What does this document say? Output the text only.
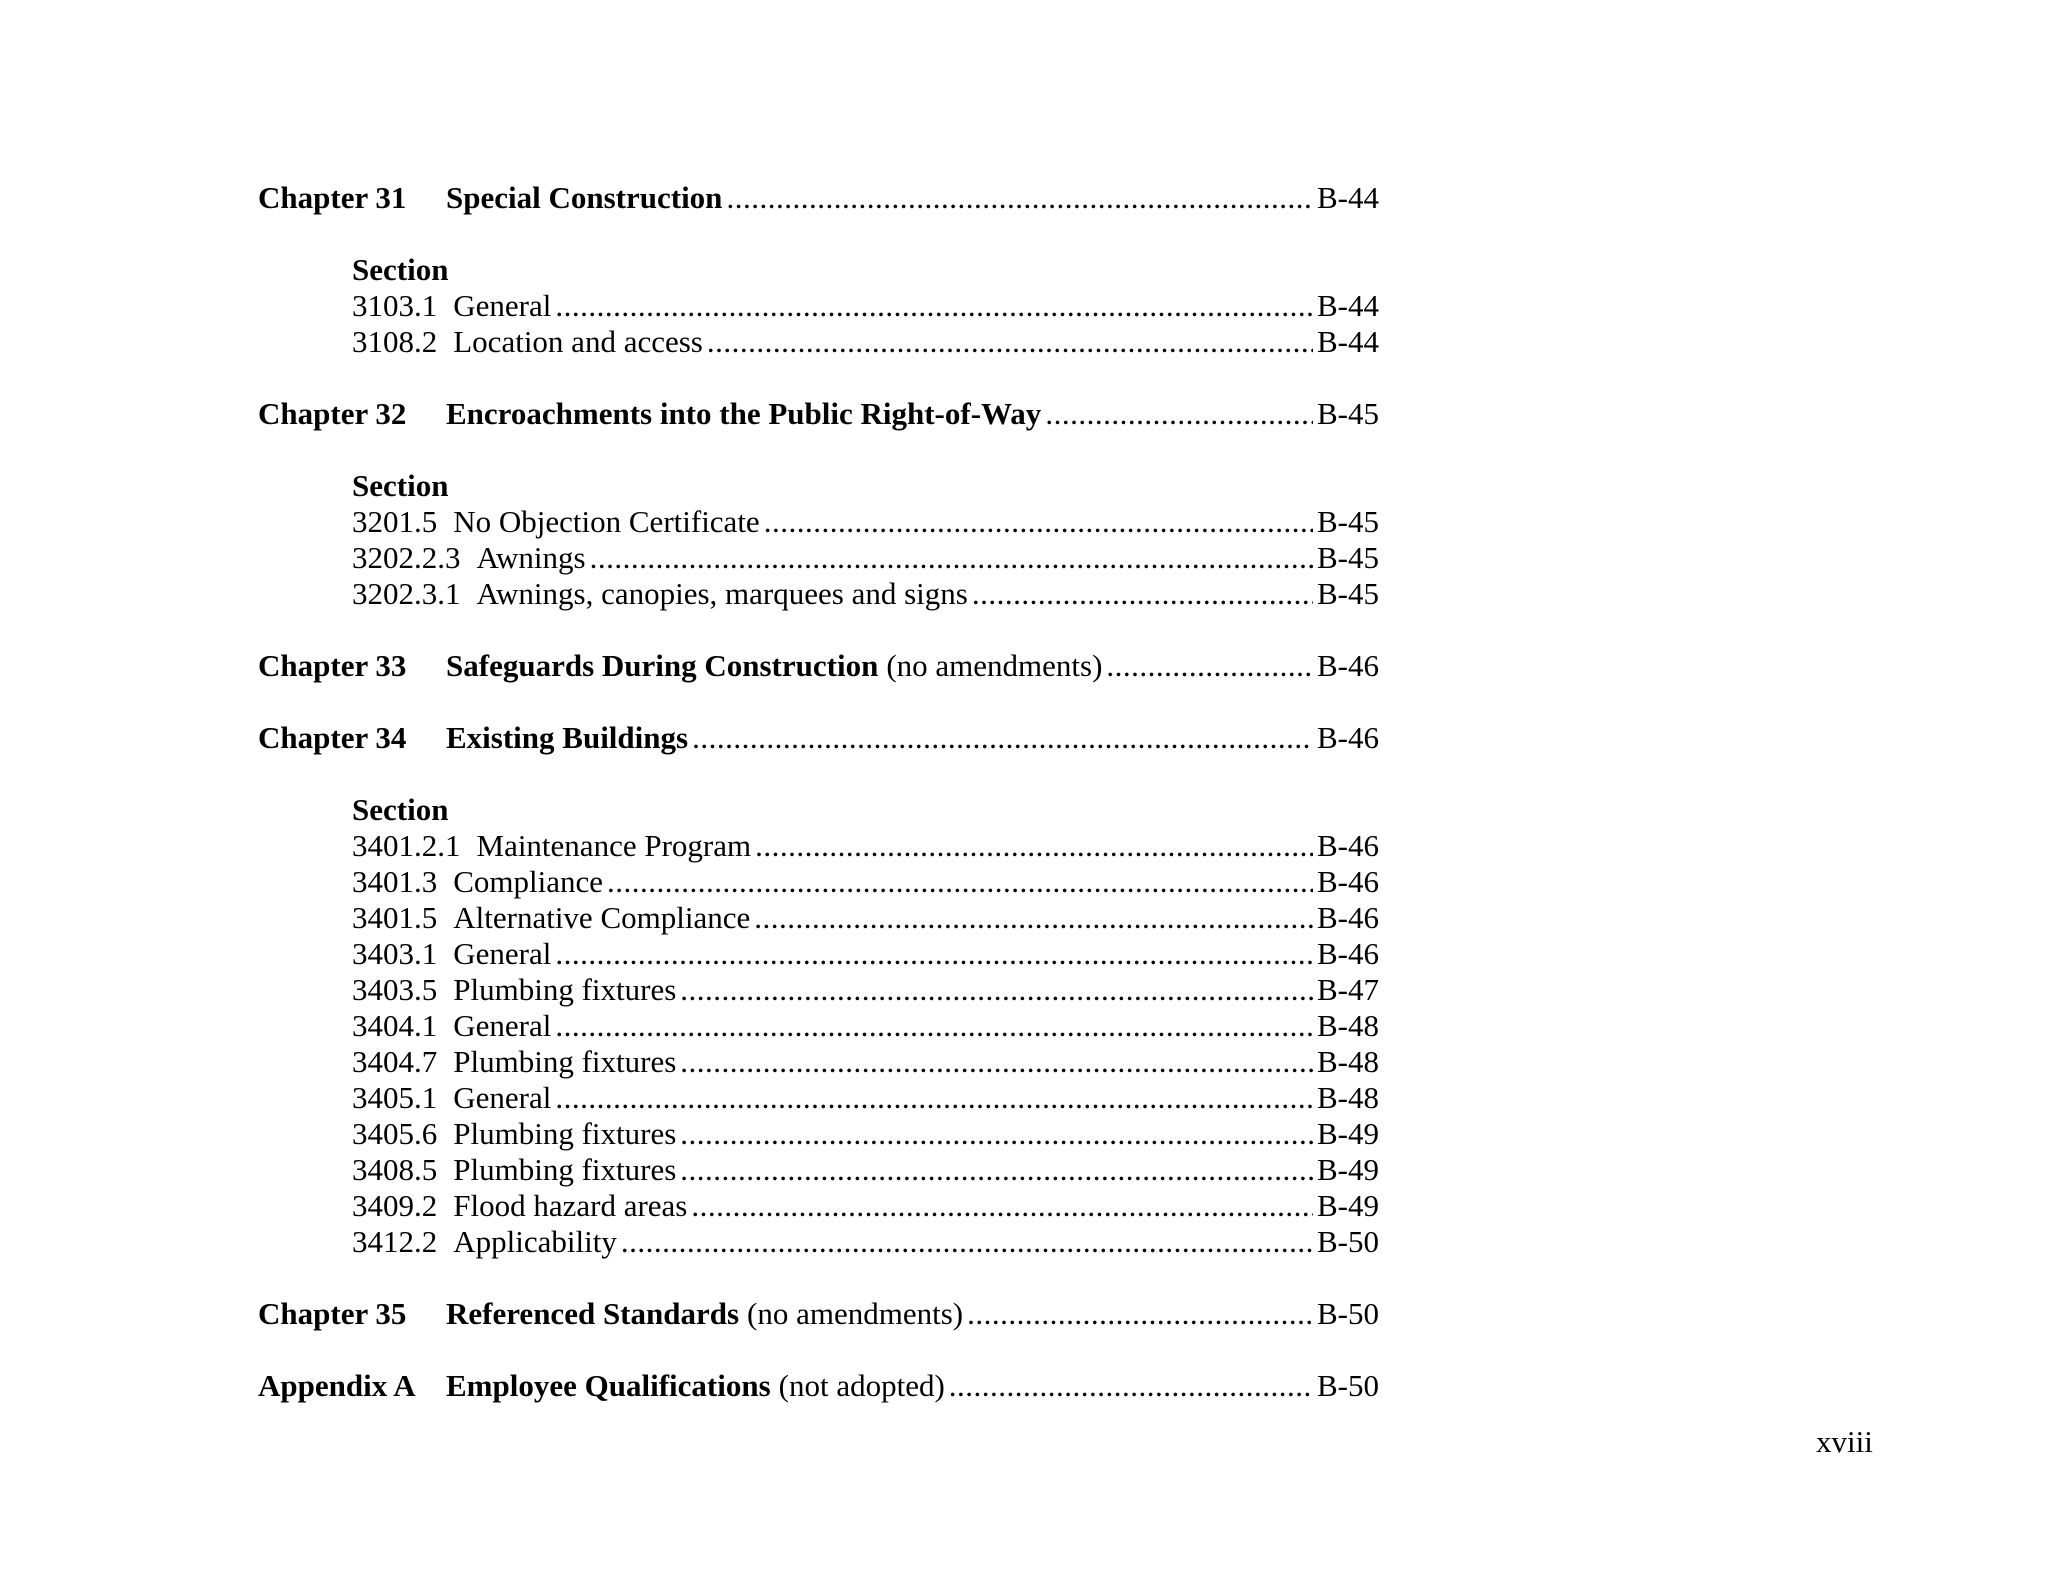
Chapter 31	Special Construction .....	B-44
Section
3103.1 General .....	B-44
3108.2 Location and access .....	B-44
Chapter 32	Encroachments into the Public Right-of-Way .....	B-45
Section
3201.5 No Objection Certificate .....	B-45
3202.2.3 Awnings .....	B-45
3202.3.1 Awnings, canopies, marquees and signs .....	B-45
Chapter 33	Safeguards During Construction (no amendments) .....	B-46
Chapter 34	Existing Buildings .....	B-46
Section
3401.2.1 Maintenance Program .....	B-46
3401.3 Compliance .....	B-46
3401.5 Alternative Compliance .....	B-46
3403.1 General .....	B-46
3403.5 Plumbing fixtures .....	B-47
3404.1 General .....	B-48
3404.7 Plumbing fixtures .....	B-48
3405.1 General .....	B-48
3405.6 Plumbing fixtures .....	B-49
3408.5 Plumbing fixtures .....	B-49
3409.2 Flood hazard areas .....	B-49
3412.2 Applicability .....	B-50
Chapter 35	Referenced Standards (no amendments) .....	B-50
Appendix A Employee Qualifications (not adopted) .....	B-50
xviii
